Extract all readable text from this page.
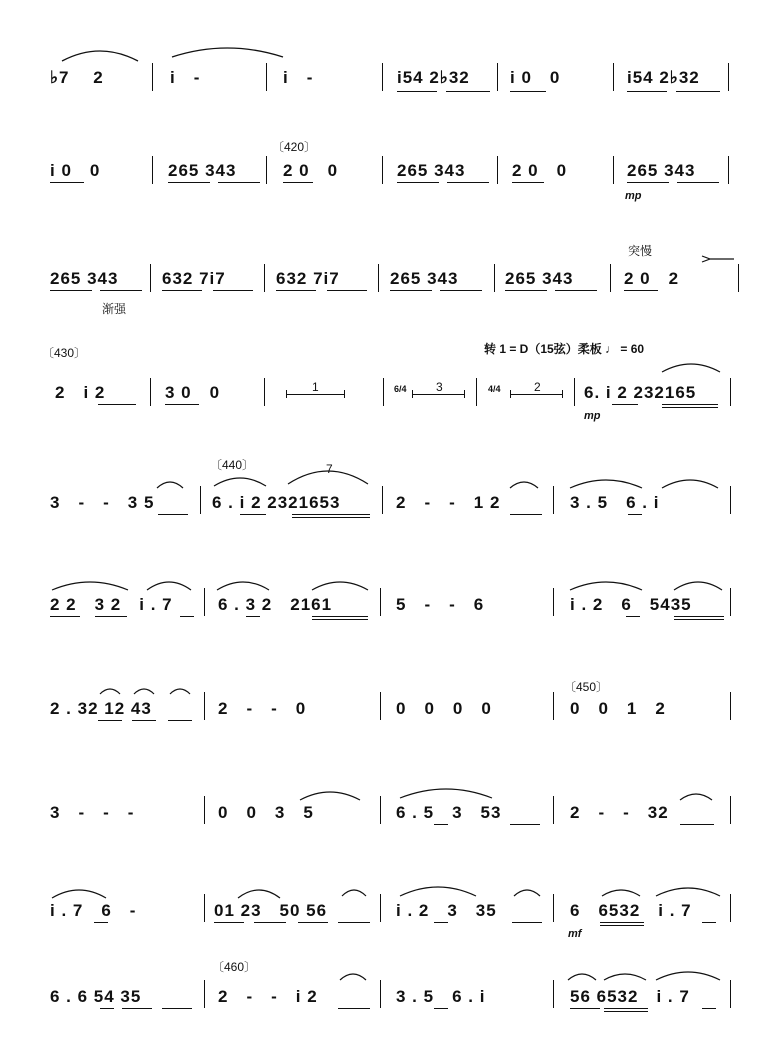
♭7　 2	i　-	i　-	i54 2♭32 i 0　0	i54 2♭32
i 0　0	265 343
〔420〕
2 0　0	265 343	2 0　0	265 343
mp
265 343
渐强
632 7i7	632 7i7	265 343	265 343
突慢
2 0　2
〔430〕	转 1 = D（15弦）柔板 ♩ = 60
2　i 2	3 0　0	1	6/4 3	4/4	2	6. i 2 232165
mp
〔440〕
3　-　-　3 5
7
6 . i 2 2321653	2　-　-　1 2	3 . 5　6 . i
2 2　3 2　i . 7	6 . 3 2　2161	5　-　-　6	i . 2　6　5435
〔450〕
2 . 32 12 43	2　-　-　0	0　0　0　0	0　0　1　2
3　-　-　-	0　0　3　5	6 . 5　3　53	2　-　-　32
i . 7　6　-	01 23　50 56	i . 2　3　35	6　6532　i . 7
mf
〔460〕
6 . 6 54 35	2　-　-　i 2	3 . 5　6 . i	56 6532　i . 7
